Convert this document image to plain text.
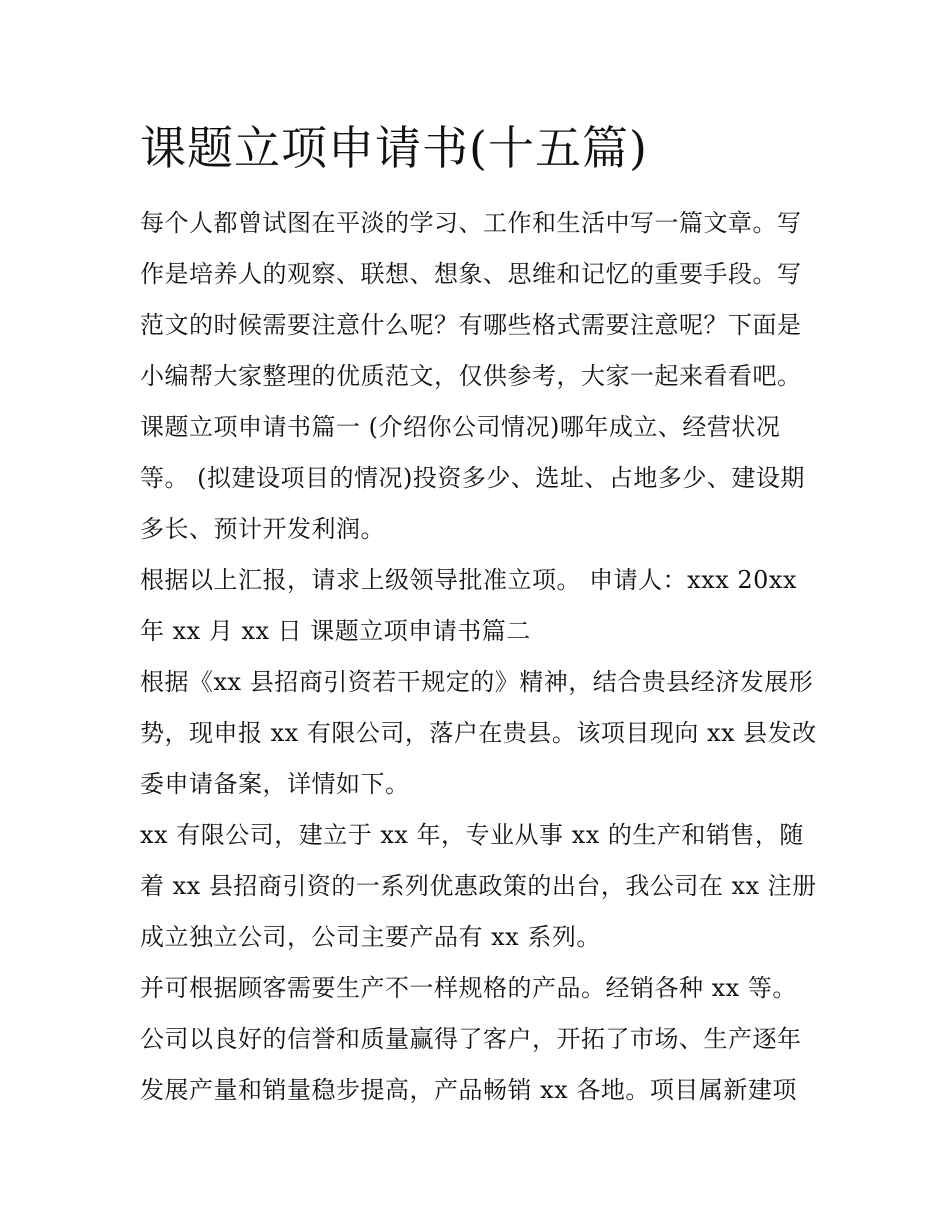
课题立项申请书(十五篇)

每个人都曾试图在平淡的学习、工作和生活中写一篇文章。写作是培养人的观察、联想、想象、思维和记忆的重要手段。写范文的时候需要注意什么呢？有哪些格式需要注意呢？下面是小编帮大家整理的优质范文，仅供参考，大家一起来看看吧。

课题立项申请书篇一 (介绍你公司情况)哪年成立、经营状况等。 (拟建设项目的情况)投资多少、选址、占地多少、建设期多长、预计开发利润。

根据以上汇报，请求上级领导批准立项。 申请人：xxx 20xx年 xx 月 xx 日 课题立项申请书篇二

根据《xx 县招商引资若干规定的》精神，结合贵县经济发展形势，现申报 xx 有限公司，落户在贵县。该项目现向 xx 县发改委申请备案，详情如下。

xx 有限公司，建立于 xx 年，专业从事 xx 的生产和销售，随着 xx 县招商引资的一系列优惠政策的出台，我公司在 xx 注册成立独立公司，公司主要产品有 xx 系列。

并可根据顾客需要生产不一样规格的产品。经销各种 xx 等。公司以良好的信誉和质量赢得了客户，开拓了市场、生产逐年发展产量和销量稳步提高，产品畅销 xx 各地。项目属新建项
